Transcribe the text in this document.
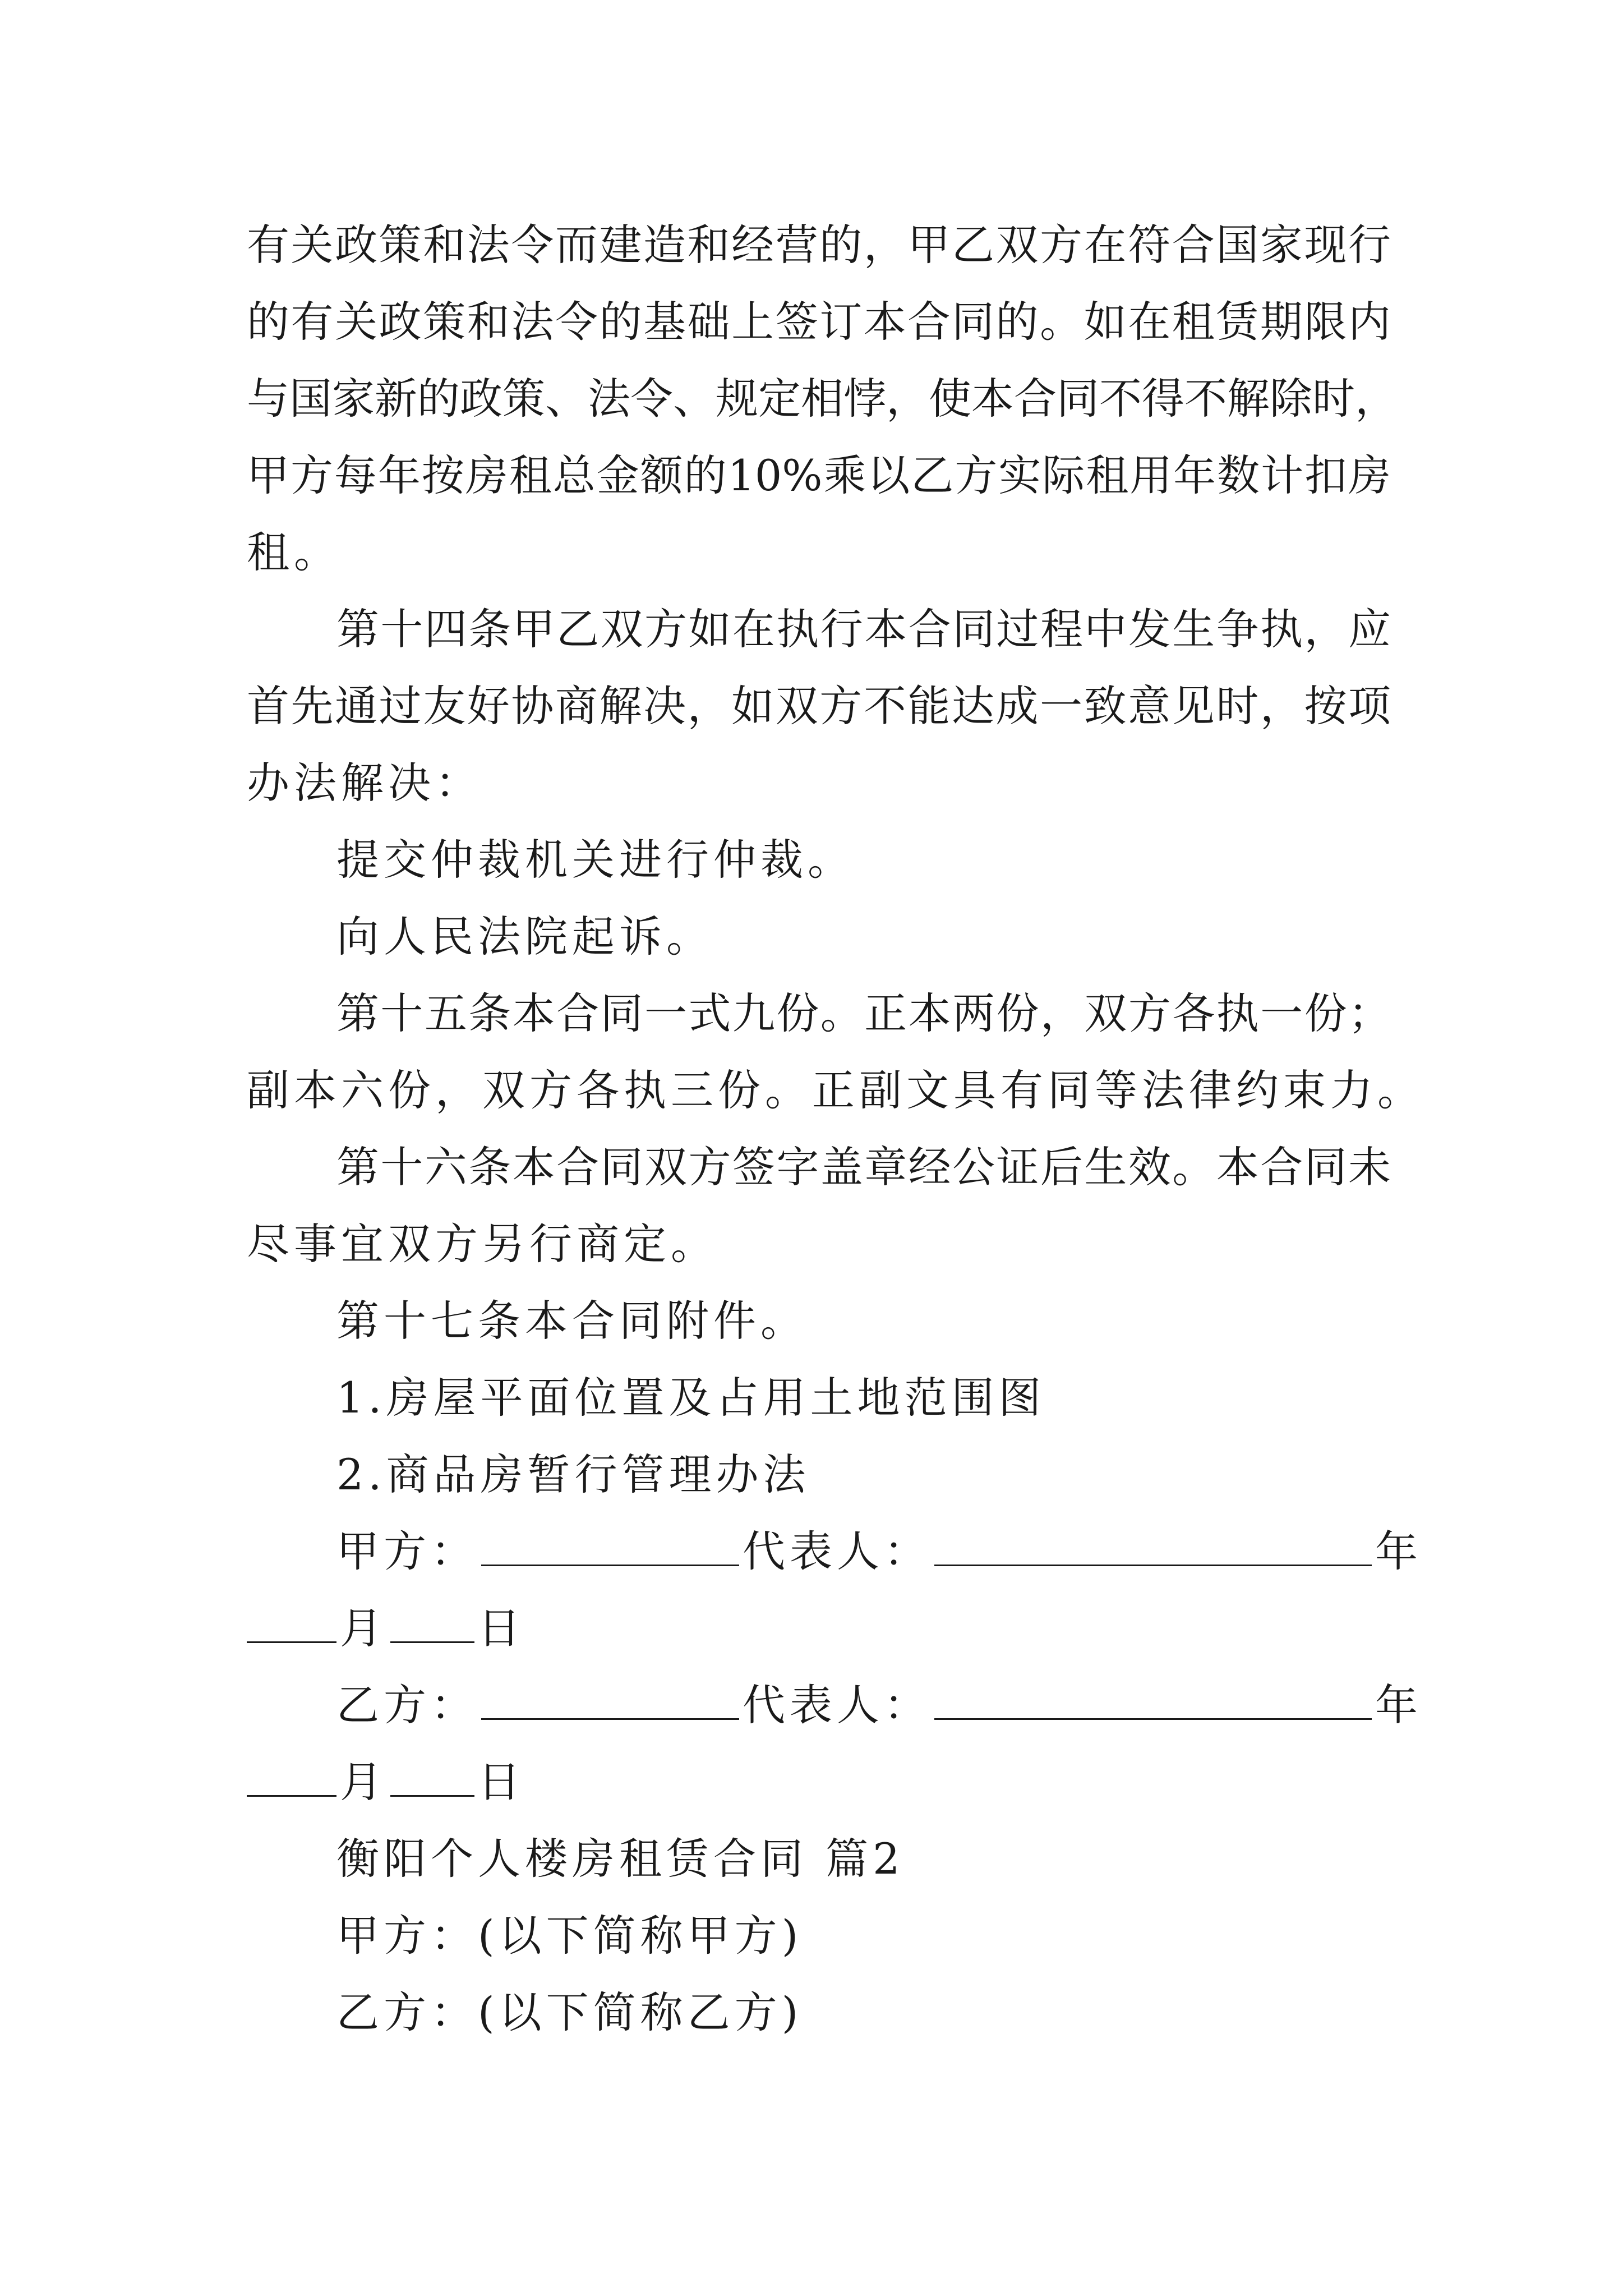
有关政策和法令而建造和经营的，甲乙双方在符合国家现行
的有关政策和法令的基础上签订本合同的。如在租赁期限内
与国家新的政策、法令、规定相悖，使本合同不得不解除时，
甲方每年按房租总金额的10%乘以乙方实际租用年数计扣房
租。
第十四条甲乙双方如在执行本合同过程中发生争执，应
首先通过友好协商解决，如双方不能达成一致意见时，按项
办法解决：
提交仲裁机关进行仲裁。
向人民法院起诉。
第十五条本合同一式九份。正本两份，双方各执一份；
副本六份，双方各执三份。正副文具有同等法律约束力。
第十六条本合同双方签字盖章经公证后生效。本合同未
尽事宜双方另行商定。
第十七条本合同附件。
1.房屋平面位置及占用土地范围图
2.商品房暂行管理办法
甲方：	代表人：	年
月 日
乙方：	代表人：	年
月 日
衡阳个人楼房租赁合同 篇2
甲方：(以下简称甲方)
乙方：(以下简称乙方)
